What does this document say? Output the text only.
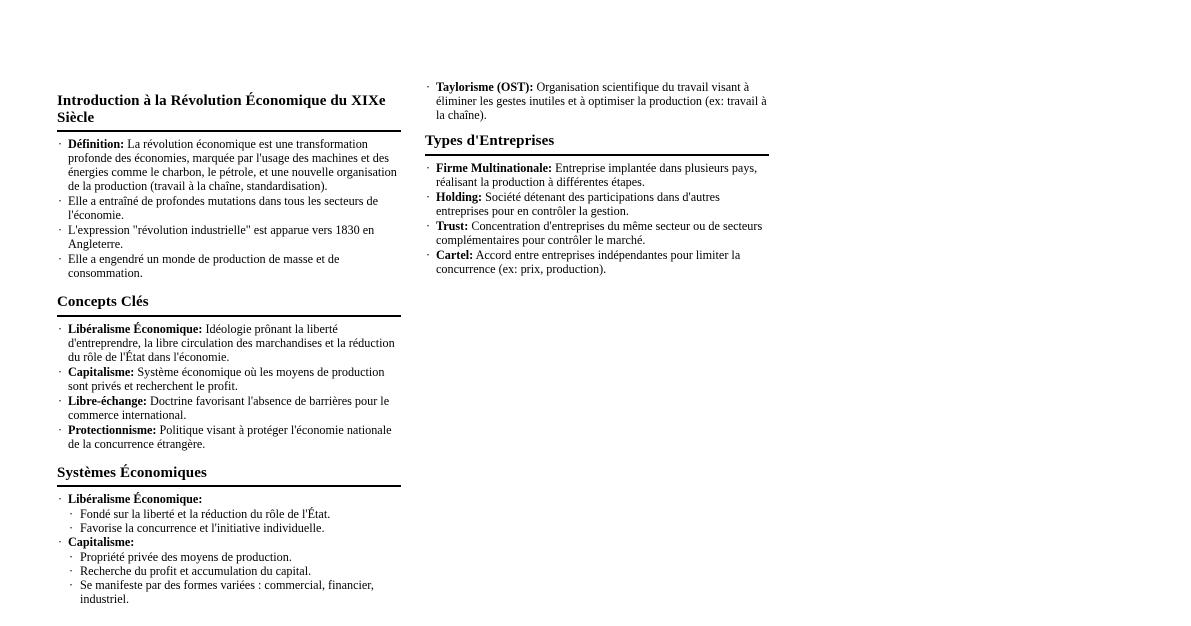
Introduction à la Révolution Économique du XIXe Siècle
· Définition: La révolution économique est une transformation profonde des économies, marquée par l'usage des machines et des énergies comme le charbon, le pétrole, et une nouvelle organisation de la production (travail à la chaîne, standardisation).
· Elle a entraîné de profondes mutations dans tous les secteurs de l'économie.
· L'expression "révolution industrielle" est apparue vers 1830 en Angleterre.
· Elle a engendré un monde de production de masse et de consommation.
Concepts Clés
· Libéralisme Économique: Idéologie prônant la liberté d'entreprendre, la libre circulation des marchandises et la réduction du rôle de l'État dans l'économie.
· Capitalisme: Système économique où les moyens de production sont privés et recherchent le profit.
· Libre-échange: Doctrine favorisant l'absence de barrières pour le commerce international.
· Protectionnisme: Politique visant à protéger l'économie nationale de la concurrence étrangère.
Systèmes Économiques
· Libéralisme Économique:
· Fondé sur la liberté et la réduction du rôle de l'État.
· Favorise la concurrence et l'initiative individuelle.
· Capitalisme:
· Propriété privée des moyens de production.
· Recherche du profit et accumulation du capital.
· Se manifeste par des formes variées : commercial, financier, industriel.
· Taylorisme (OST): Organisation scientifique du travail visant à éliminer les gestes inutiles et à optimiser la production (ex: travail à la chaîne).
Types d'Entreprises
· Firme Multinationale: Entreprise implantée dans plusieurs pays, réalisant la production à différentes étapes.
· Holding: Société détenant des participations dans d'autres entreprises pour en contrôler la gestion.
· Trust: Concentration d'entreprises du même secteur ou de secteurs complémentaires pour contrôler le marché.
· Cartel: Accord entre entreprises indépendantes pour limiter la concurrence (ex: prix, production).
